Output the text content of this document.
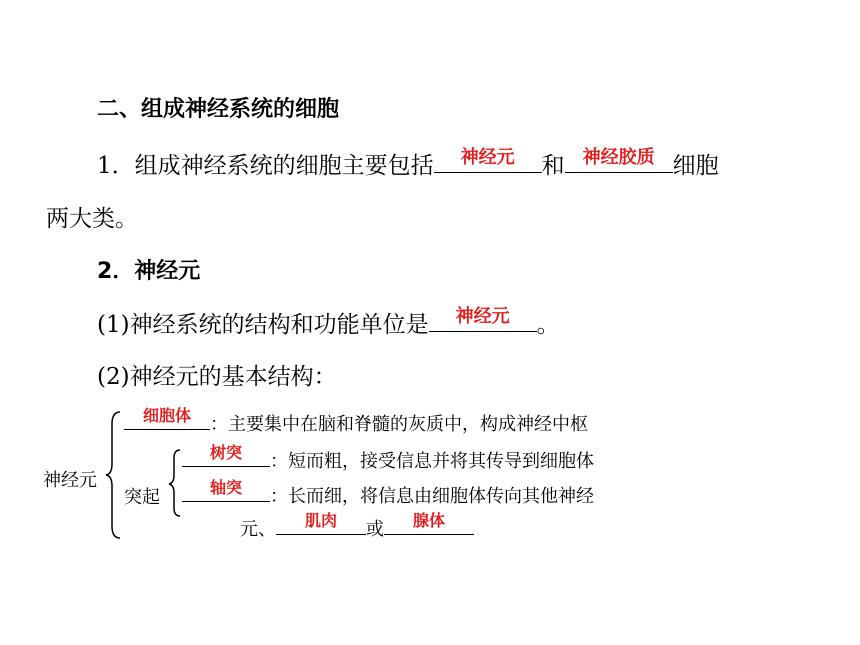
二、组成神经系统的细胞
1．组成神经系统的细胞主要包括	神经元	和	神经胶质 细胞
两大类。
2．神经元
(1)神经系统的结构和功能单位是	神经元	。
(2)神经元的基本结构：
神经元
细胞体	：主要集中在脑和脊髓的灰质中，构成神经中枢
突起
树突	：短而粗，接受信息并将其传导到细胞体
轴突	：长而细，将信息由细胞体传向其他神经
元、	肌肉	或	腺体
